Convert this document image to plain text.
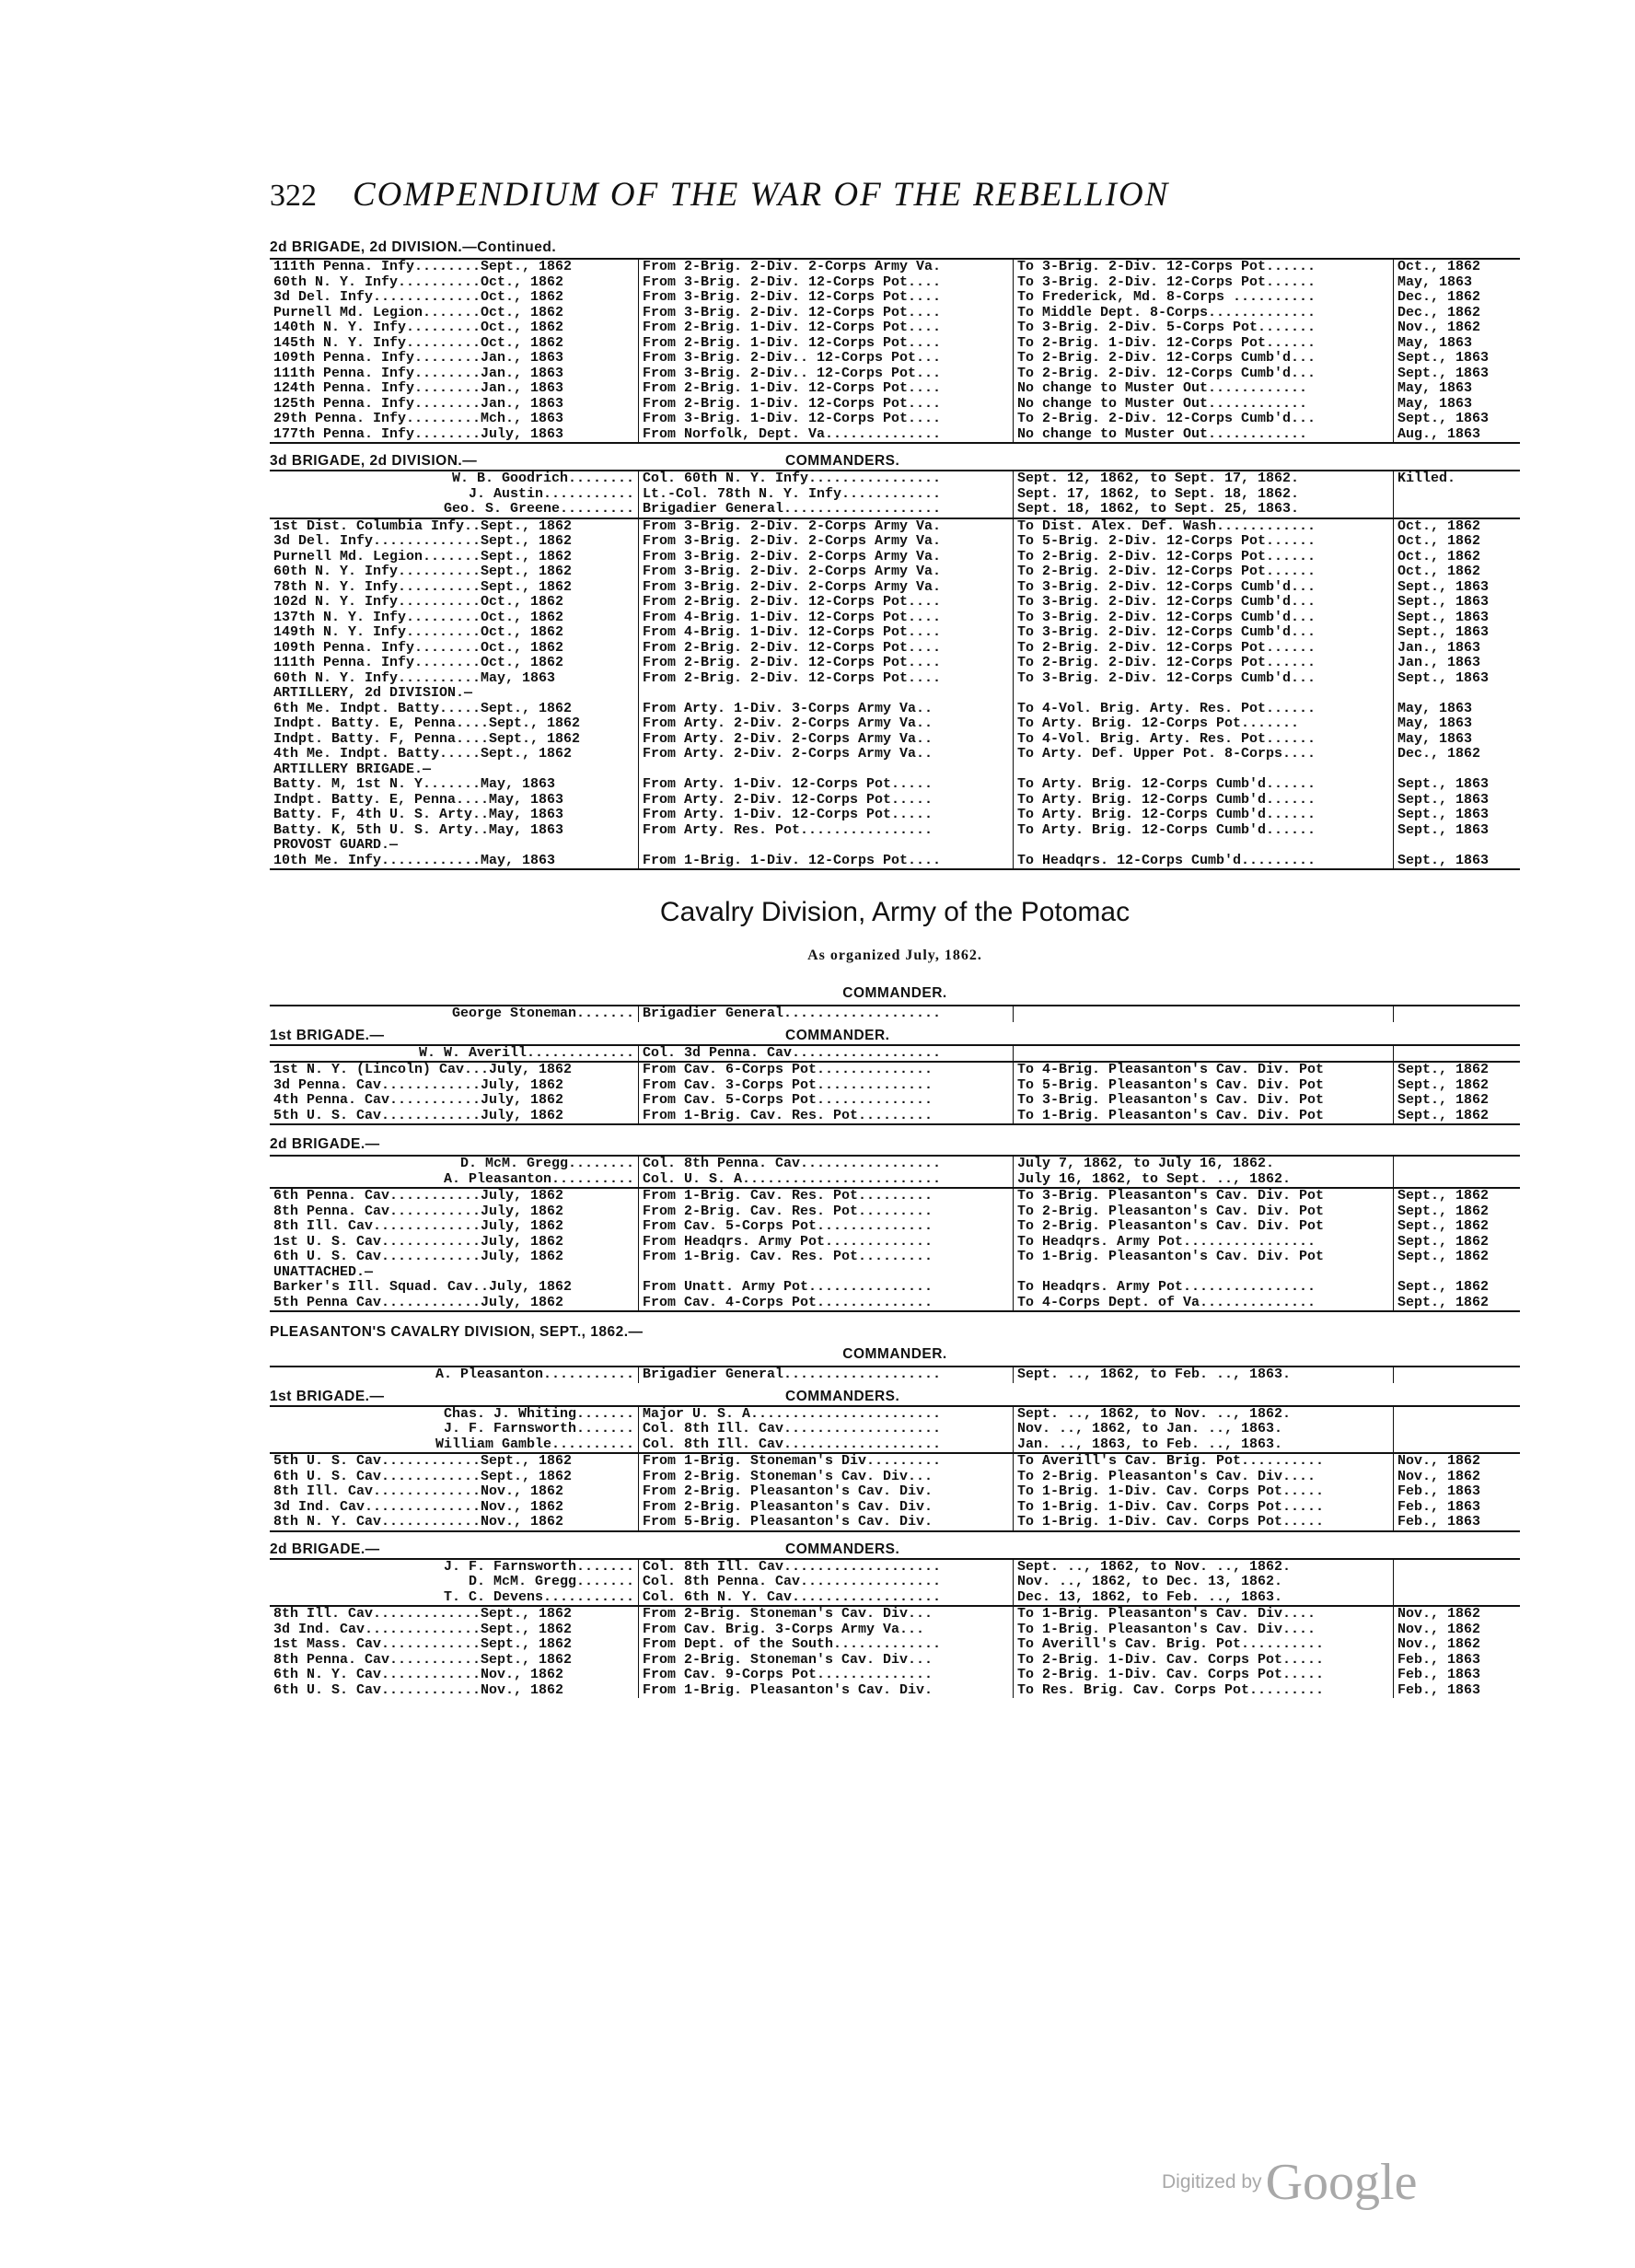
322 COMPENDIUM OF THE WAR OF THE REBELLION
2d BRIGADE, 2d DIVISION.—Continued.
111th Penna. Infy........Sept., 1862	From 2-Brig. 2-Div. 2-Corps Army Va.	To 3-Brig. 2-Div. 12-Corps Pot......	Oct., 1862
60th N. Y. Infy..........Oct., 1862	From 3-Brig. 2-Div. 12-Corps Pot....	To 3-Brig. 2-Div. 12-Corps Pot......	May, 1863
3d Del. Infy.............Oct., 1862	From 3-Brig. 2-Div. 12-Corps Pot....	To Frederick, Md. 8-Corps ..........	Dec., 1862
Purnell Md. Legion.......Oct., 1862	From 3-Brig. 2-Div. 12-Corps Pot....	To Middle Dept. 8-Corps.............	Dec., 1862
140th N. Y. Infy.........Oct., 1862	From 2-Brig. 1-Div. 12-Corps Pot....	To 3-Brig. 2-Div. 5-Corps Pot.......	Nov., 1862
145th N. Y. Infy.........Oct., 1862	From 2-Brig. 1-Div. 12-Corps Pot....	To 2-Brig. 1-Div. 12-Corps Pot......	May, 1863
109th Penna. Infy........Jan., 1863	From 3-Brig. 2-Div.. 12-Corps Pot...	To 2-Brig. 2-Div. 12-Corps Cumb'd...	Sept., 1863
111th Penna. Infy........Jan., 1863	From 3-Brig. 2-Div.. 12-Corps Pot...	To 2-Brig. 2-Div. 12-Corps Cumb'd...	Sept., 1863
124th Penna. Infy........Jan., 1863	From 2-Brig. 1-Div. 12-Corps Pot....	No change to Muster Out............	May, 1863
125th Penna. Infy........Jan., 1863	From 2-Brig. 1-Div. 12-Corps Pot....	No change to Muster Out............	May, 1863
29th Penna. Infy.........Mch., 1863	From 3-Brig. 1-Div. 12-Corps Pot....	To 2-Brig. 2-Div. 12-Corps Cumb'd...	Sept., 1863
177th Penna. Infy........July, 1863	From Norfolk, Dept. Va..............	No change to Muster Out............	Aug., 1863
3d BRIGADE, 2d DIVISION.—	COMMANDERS.
W. B. Goodrich........	Col. 60th N. Y. Infy................	Sept. 12, 1862, to Sept. 17, 1862.	Killed.
J. Austin...........	Lt.-Col. 78th N. Y. Infy............	Sept. 17, 1862, to Sept. 18, 1862.	
Geo. S. Greene.........	Brigadier General...................	Sept. 18, 1862, to Sept. 25, 1863.	
1st Dist. Columbia Infy..Sept., 1862	From 3-Brig. 2-Div. 2-Corps Army Va.	To Dist. Alex. Def. Wash............	Oct., 1862
3d Del. Infy.............Sept., 1862	From 3-Brig. 2-Div. 2-Corps Army Va.	To 5-Brig. 2-Div. 12-Corps Pot......	Oct., 1862
Purnell Md. Legion.......Sept., 1862	From 3-Brig. 2-Div. 2-Corps Army Va.	To 2-Brig. 2-Div. 12-Corps Pot......	Oct., 1862
60th N. Y. Infy..........Sept., 1862	From 3-Brig. 2-Div. 2-Corps Army Va.	To 2-Brig. 2-Div. 12-Corps Pot......	Oct., 1862
78th N. Y. Infy..........Sept., 1862	From 3-Brig. 2-Div. 2-Corps Army Va.	To 3-Brig. 2-Div. 12-Corps Cumb'd...	Sept., 1863
102d N. Y. Infy..........Oct., 1862	From 2-Brig. 2-Div. 12-Corps Pot....	To 3-Brig. 2-Div. 12-Corps Cumb'd...	Sept., 1863
137th N. Y. Infy.........Oct., 1862	From 4-Brig. 1-Div. 12-Corps Pot....	To 3-Brig. 2-Div. 12-Corps Cumb'd...	Sept., 1863
149th N. Y. Infy.........Oct., 1862	From 4-Brig. 1-Div. 12-Corps Pot....	To 3-Brig. 2-Div. 12-Corps Cumb'd...	Sept., 1863
109th Penna. Infy........Oct., 1862	From 2-Brig. 2-Div. 12-Corps Pot....	To 2-Brig. 2-Div. 12-Corps Pot......	Jan., 1863
111th Penna. Infy........Oct., 1862	From 2-Brig. 2-Div. 12-Corps Pot....	To 2-Brig. 2-Div. 12-Corps Pot......	Jan., 1863
60th N. Y. Infy..........May, 1863	From 2-Brig. 2-Div. 12-Corps Pot....	To 3-Brig. 2-Div. 12-Corps Cumb'd...	Sept., 1863
ARTILLERY, 2d DIVISION.—			
6th Me. Indpt. Batty.....Sept., 1862	From Arty. 1-Div. 3-Corps Army Va..	To 4-Vol. Brig. Arty. Res. Pot......	May, 1863
Indpt. Batty. E, Penna....Sept., 1862	From Arty. 2-Div. 2-Corps Army Va..	To Arty. Brig. 12-Corps Pot.......	May, 1863
Indpt. Batty. F, Penna....Sept., 1862	From Arty. 2-Div. 2-Corps Army Va..	To 4-Vol. Brig. Arty. Res. Pot......	May, 1863
4th Me. Indpt. Batty.....Sept., 1862	From Arty. 2-Div. 2-Corps Army Va..	To Arty. Def. Upper Pot. 8-Corps....	Dec., 1862
ARTILLERY BRIGADE.—			
Batty. M, 1st N. Y.......May, 1863	From Arty. 1-Div. 12-Corps Pot.....	To Arty. Brig. 12-Corps Cumb'd......	Sept., 1863
Indpt. Batty. E, Penna....May, 1863	From Arty. 2-Div. 12-Corps Pot.....	To Arty. Brig. 12-Corps Cumb'd......	Sept., 1863
Batty. F, 4th U. S. Arty..May, 1863	From Arty. 1-Div. 12-Corps Pot.....	To Arty. Brig. 12-Corps Cumb'd......	Sept., 1863
Batty. K, 5th U. S. Arty..May, 1863	From Arty. Res. Pot................	To Arty. Brig. 12-Corps Cumb'd......	Sept., 1863
PROVOST GUARD.—			
10th Me. Infy............May, 1863	From 1-Brig. 1-Div. 12-Corps Pot....	To Headqrs. 12-Corps Cumb'd.........	Sept., 1863
Cavalry Division, Army of the Potomac
As organized July, 1862.
COMMANDER.
George Stoneman.......	Brigadier General...................		
1st BRIGADE.—	COMMANDER.
W. W. Averill.............	Col. 3d Penna. Cav..................		
1st N. Y. (Lincoln) Cav...July, 1862	From Cav. 6-Corps Pot..............	To 4-Brig. Pleasanton's Cav. Div. Pot	Sept., 1862
3d Penna. Cav............July, 1862	From Cav. 3-Corps Pot..............	To 5-Brig. Pleasanton's Cav. Div. Pot	Sept., 1862
4th Penna. Cav...........July, 1862	From Cav. 5-Corps Pot..............	To 3-Brig. Pleasanton's Cav. Div. Pot	Sept., 1862
5th U. S. Cav............July, 1862	From 1-Brig. Cav. Res. Pot.........	To 1-Brig. Pleasanton's Cav. Div. Pot	Sept., 1862
2d BRIGADE.—
D. McM. Gregg........	Col. 8th Penna. Cav.................	July 7, 1862, to July 16, 1862.	
A. Pleasanton..........	Col. U. S. A........................	July 16, 1862, to Sept. .., 1862.	
6th Penna. Cav...........July, 1862	From 1-Brig. Cav. Res. Pot.........	To 3-Brig. Pleasanton's Cav. Div. Pot	Sept., 1862
8th Penna. Cav...........July, 1862	From 2-Brig. Cav. Res. Pot.........	To 2-Brig. Pleasanton's Cav. Div. Pot	Sept., 1862
8th Ill. Cav.............July, 1862	From Cav. 5-Corps Pot..............	To 2-Brig. Pleasanton's Cav. Div. Pot	Sept., 1862
1st U. S. Cav............July, 1862	From Headqrs. Army Pot.............	To Headqrs. Army Pot................	Sept., 1862
6th U. S. Cav............July, 1862	From 1-Brig. Cav. Res. Pot.........	To 1-Brig. Pleasanton's Cav. Div. Pot	Sept., 1862
UNATTACHED.—			
Barker's Ill. Squad. Cav..July, 1862	From Unatt. Army Pot...............	To Headqrs. Army Pot................	Sept., 1862
5th Penna Cav............July, 1862	From Cav. 4-Corps Pot..............	To 4-Corps Dept. of Va..............	Sept., 1862
PLEASANTON'S CAVALRY DIVISION, SEPT., 1862.—
COMMANDER.
A. Pleasanton...........	Brigadier General...................	Sept. .., 1862, to Feb. .., 1863.	
1st BRIGADE.—	COMMANDERS.
Chas. J. Whiting.......	Major U. S. A.......................	Sept. .., 1862, to Nov. .., 1862.	
J. F. Farnsworth.......	Col. 8th Ill. Cav...................	Nov. .., 1862, to Jan. .., 1863.	
William Gamble..........	Col. 8th Ill. Cav...................	Jan. .., 1863, to Feb. .., 1863.	
5th U. S. Cav............Sept., 1862	From 1-Brig. Stoneman's Div.........	To Averill's Cav. Brig. Pot..........	Nov., 1862
6th U. S. Cav............Sept., 1862	From 2-Brig. Stoneman's Cav. Div...	To 2-Brig. Pleasanton's Cav. Div....	Nov., 1862
8th Ill. Cav.............Nov., 1862	From 2-Brig. Pleasanton's Cav. Div.	To 1-Brig. 1-Div. Cav. Corps Pot.....	Feb., 1863
3d Ind. Cav..............Nov., 1862	From 2-Brig. Pleasanton's Cav. Div.	To 1-Brig. 1-Div. Cav. Corps Pot.....	Feb., 1863
8th N. Y. Cav............Nov., 1862	From 5-Brig. Pleasanton's Cav. Div.	To 1-Brig. 1-Div. Cav. Corps Pot.....	Feb., 1863
2d BRIGADE.—	COMMANDERS.
J. F. Farnsworth.......	Col. 8th Ill. Cav...................	Sept. .., 1862, to Nov. .., 1862.	
D. McM. Gregg.......	Col. 8th Penna. Cav.................	Nov. .., 1862, to Dec. 13, 1862.	
T. C. Devens...........	Col. 6th N. Y. Cav..................	Dec. 13, 1862, to Feb. .., 1863.	
8th Ill. Cav.............Sept., 1862	From 2-Brig. Stoneman's Cav. Div...	To 1-Brig. Pleasanton's Cav. Div....	Nov., 1862
3d Ind. Cav..............Sept., 1862	From Cav. Brig. 3-Corps Army Va...	To 1-Brig. Pleasanton's Cav. Div....	Nov., 1862
1st Mass. Cav............Sept., 1862	From Dept. of the South.............	To Averill's Cav. Brig. Pot..........	Nov., 1862
8th Penna. Cav...........Sept., 1862	From 2-Brig. Stoneman's Cav. Div...	To 2-Brig. 1-Div. Cav. Corps Pot.....	Feb., 1863
6th N. Y. Cav............Nov., 1862	From Cav. 9-Corps Pot..............	To 2-Brig. 1-Div. Cav. Corps Pot.....	Feb., 1863
6th U. S. Cav............Nov., 1862	From 1-Brig. Pleasanton's Cav. Div.	To Res. Brig. Cav. Corps Pot.........	Feb., 1863
Digitized byGoogle
